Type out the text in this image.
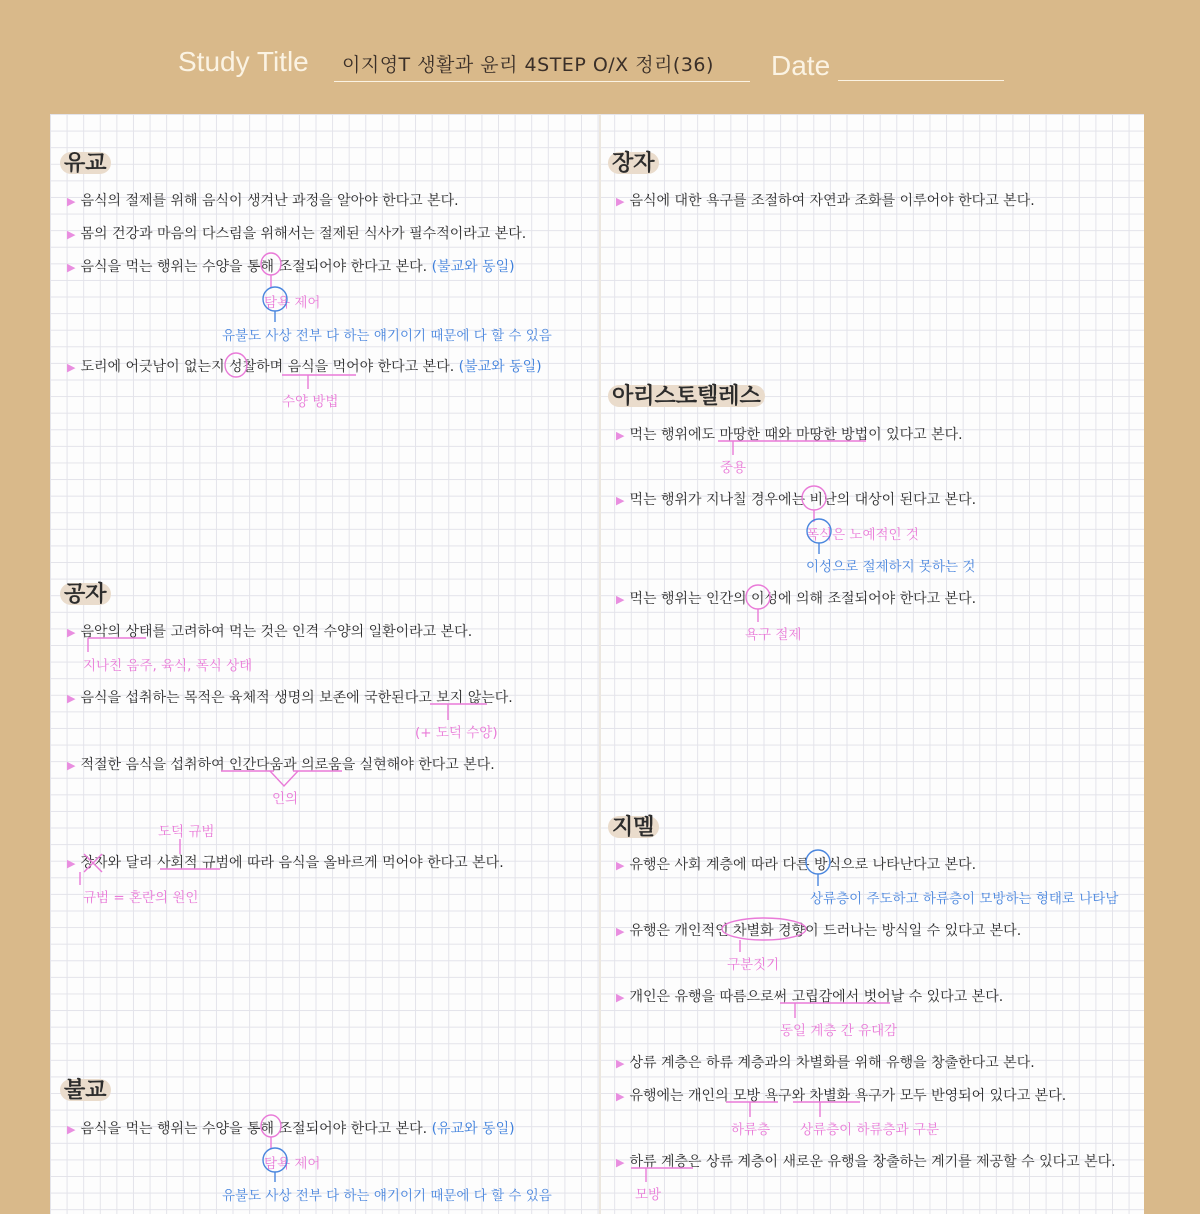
Study Title	이지영T 생활과 윤리 4STEP O/X 정리(36)	Date
유교
▶ 음식의 절제를 위해 음식이 생겨난 과정을 알아야 한다고 본다.
▶ 몸의 건강과 마음의 다스림을 위해서는 절제된 식사가 필수적이라고 본다.
▶ 음식을 먹는 행위는 수양을 통해 조절되어야 한다고 본다. (불교와 동일)
탐욕 제어
유불도 사상 전부 다 하는 얘기이기 때문에 다 할 수 있음
▶ 도리에 어긋남이 없는지 성찰하며 음식을 먹어야 한다고 본다. (불교와 동일)
수양 방법
공자
▶ 음악의 상태를 고려하여 먹는 것은 인격 수양의 일환이라고 본다.
지나친 음주, 육식, 폭식 상태
▶ 음식을 섭취하는 목적은 육체적 생명의 보존에 국한된다고 보지 않는다.
(+ 도덕 수양)
▶ 적절한 음식을 섭취하여 인간다움과 의로움을 실현해야 한다고 본다.
인의
도덕 규범
▶ 장자와 달리 사회적 규범에 따라 음식을 올바르게 먹어야 한다고 본다.
규범 = 혼란의 원인
불교
▶ 음식을 먹는 행위는 수양을 통해 조절되어야 한다고 본다. (유교와 동일)
탐욕 제어
유불도 사상 전부 다 하는 얘기이기 때문에 다 할 수 있음
장자
▶ 음식에 대한 욕구를 조절하여 자연과 조화를 이루어야 한다고 본다.
아리스토텔레스
▶ 먹는 행위에도 마땅한 때와 마땅한 방법이 있다고 본다.
중용
▶ 먹는 행위가 지나칠 경우에는 비난의 대상이 된다고 본다.
폭식은 노예적인 것
이성으로 절제하지 못하는 것
▶ 먹는 행위는 인간의 이성에 의해 조절되어야 한다고 본다.
욕구 절제
지멜
▶ 유행은 사회 계층에 따라 다른 방식으로 나타난다고 본다.
상류층이 주도하고 하류층이 모방하는 형태로 나타남
▶ 유행은 개인적인 차별화 경향이 드러나는 방식일 수 있다고 본다.
구분짓기
▶ 개인은 유행을 따름으로써 고립감에서 벗어날 수 있다고 본다.
동일 계층 간 유대감
▶ 상류 계층은 하류 계층과의 차별화를 위해 유행을 창출한다고 본다.
▶ 유행에는 개인의 모방 욕구와 차별화 욕구가 모두 반영되어 있다고 본다.
하류층 상류층이 하류층과 구분
▶ 하류 계층은 상류 계층이 새로운 유행을 창출하는 계기를 제공할 수 있다고 본다.
모방
